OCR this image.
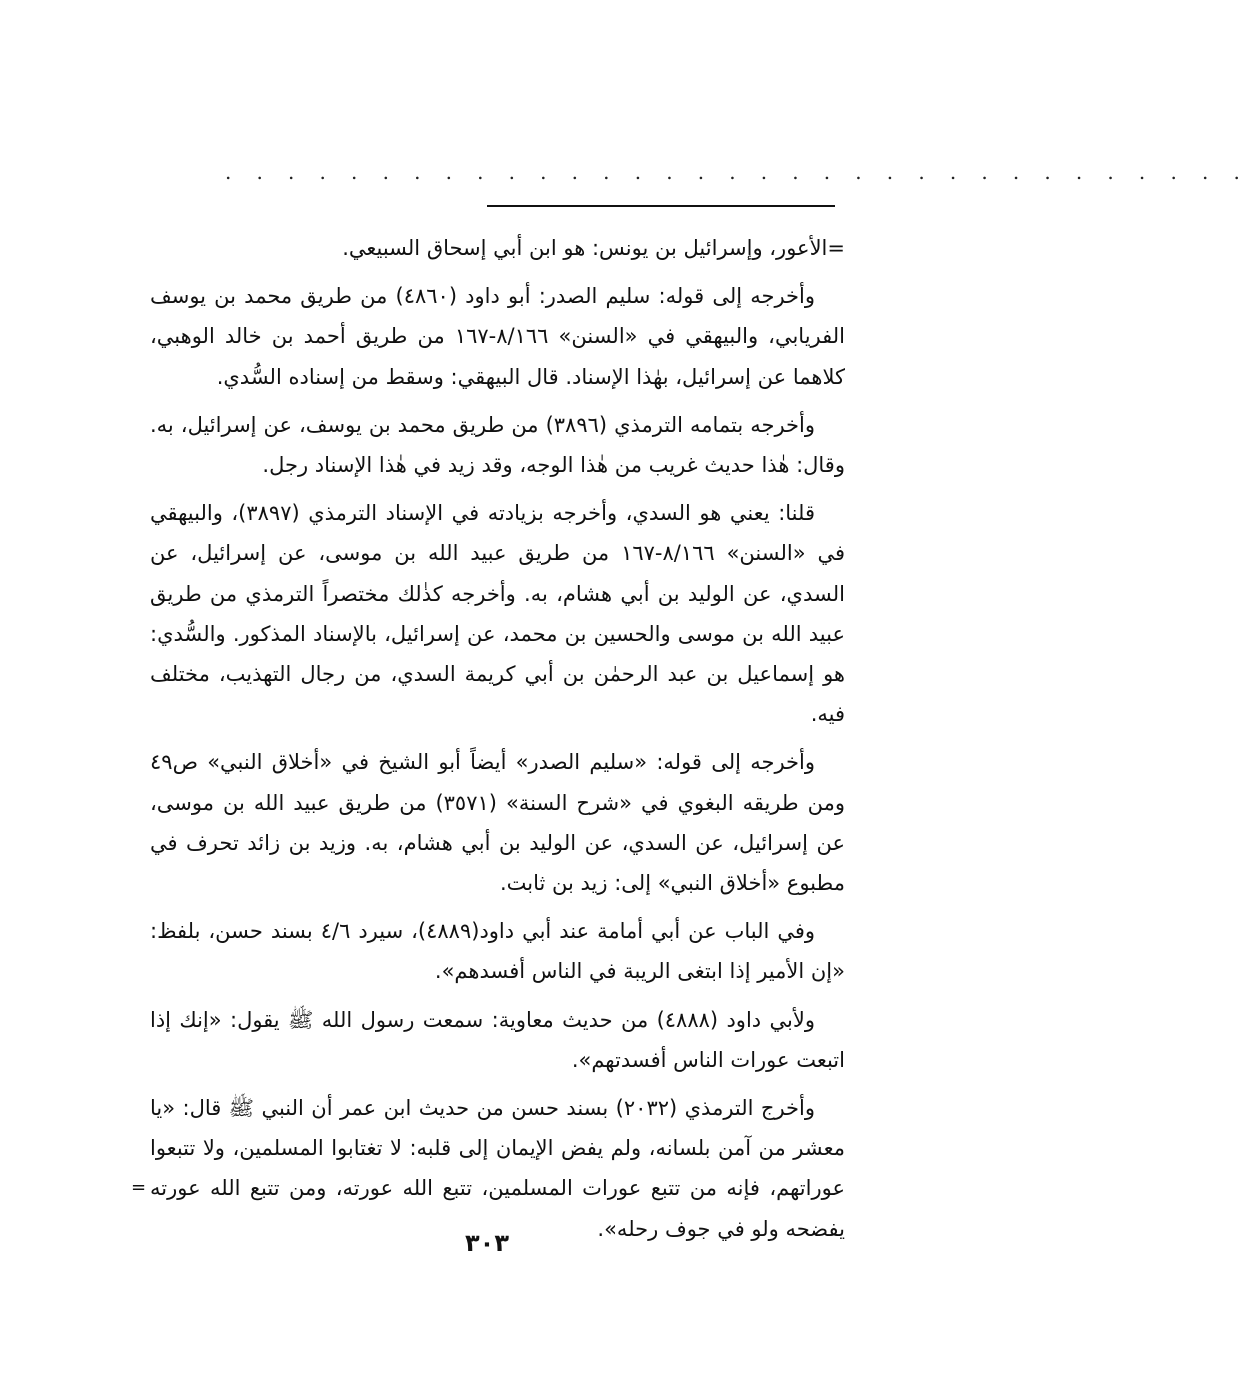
. . . . . . . . . . . . . . . . . . . . . . . . . . . . . . . . .

=الأعور، وإسرائيل بن يونس: هو ابن أبي إسحاق السبيعي.

وأخرجه إلى قوله: سليم الصدر: أبو داود (٤٨٦٠) من طريق محمد بن يوسف الفريابي، والبيهقي في «السنن» ٨/١٦٦-١٦٧ من طريق أحمد بن خالد الوهبي، كلاهما عن إسرائيل، بهٰذا الإسناد. قال البيهقي: وسقط من إسناده السُّدي.

وأخرجه بتمامه الترمذي (٣٨٩٦) من طريق محمد بن يوسف، عن إسرائيل، به. وقال: هٰذا حديث غريب من هٰذا الوجه، وقد زيد في هٰذا الإسناد رجل.

قلنا: يعني هو السدي، وأخرجه بزيادته في الإسناد الترمذي (٣٨٩٧)، والبيهقي في «السنن» ٨/١٦٦-١٦٧ من طريق عبيد الله بن موسى، عن إسرائيل، عن السدي، عن الوليد بن أبي هشام، به. وأخرجه كذٰلك مختصراً الترمذي من طريق عبيد الله بن موسى والحسين بن محمد، عن إسرائيل، بالإسناد المذكور. والسُّدي: هو إسماعيل بن عبد الرحمٰن بن أبي كريمة السدي، من رجال التهذيب، مختلف فيه.

وأخرجه إلى قوله: «سليم الصدر» أيضاً أبو الشيخ في «أخلاق النبي» ص٤٩ ومن طريقه البغوي في «شرح السنة» (٣٥٧١) من طريق عبيد الله بن موسى، عن إسرائيل، عن السدي، عن الوليد بن أبي هشام، به. وزيد بن زائد تحرف في مطبوع «أخلاق النبي» إلى: زيد بن ثابت.

وفي الباب عن أبي أمامة عند أبي داود(٤٨٨٩)، سيرد ٤/٦ بسند حسن، بلفظ: «إن الأمير إذا ابتغى الريبة في الناس أفسدهم».

ولأبي داود (٤٨٨٨) من حديث معاوية: سمعت رسول الله ﷺ يقول: «إنك إذا اتبعت عورات الناس أفسدتهم».

وأخرج الترمذي (٢٠٣٢) بسند حسن من حديث ابن عمر أن النبي ﷺ قال: «يا معشر من آمن بلسانه، ولم يفض الإيمان إلى قلبه: لا تغتابوا المسلمين، ولا تتبعوا عوراتهم، فإنه من تتبع عورات المسلمين، تتبع الله عورته، ومن تتبع الله عورته يفضحه ولو في جوف رحله».

=
٣٠٣
